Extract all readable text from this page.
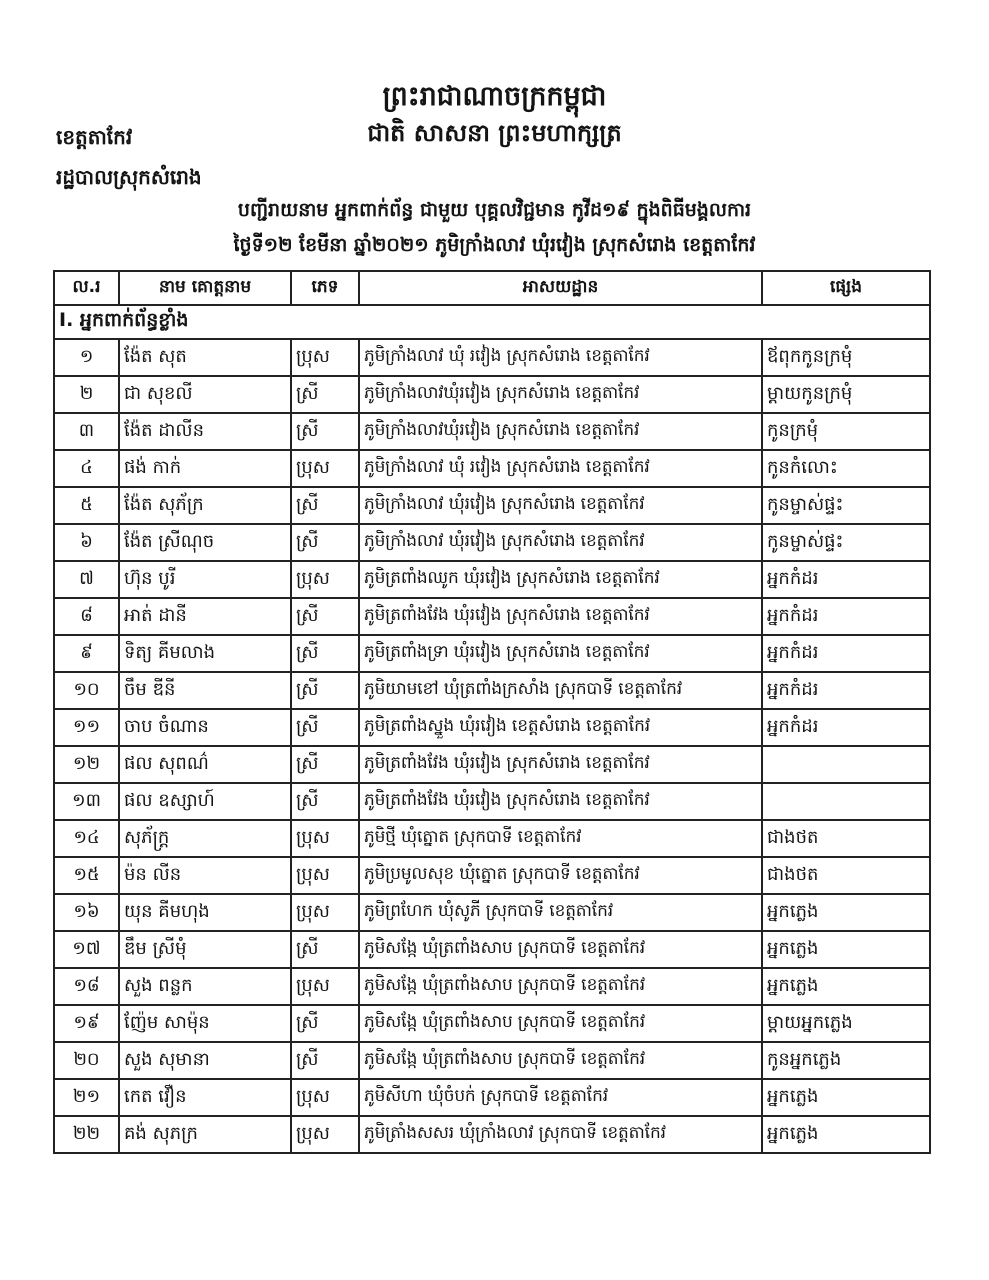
ព្រះរាជាណាចក្រកម្ពុជា
ជាតិ សាសនា ព្រះមហាក្សត្រ
ខេត្តតាកែវ
រដ្ឋបាលស្រុកសំរោង
បញ្ជីរាយនាម អ្នកពាក់ព័ន្ធ ជាមួយ បុគ្គលវិជ្ជមាន កូវីដ១៩ ក្នុងពិធីមង្គលការ
ថ្ងៃទី១២ ខែមីនា ឆ្នាំ២០២១ ភូមិក្រាំងលាវ ឃុំរវៀង ស្រុកសំរោង ខេត្តតាកែវ
ល.រ	នាម គោត្តនាម	ភេទ	អាសយដ្ឋាន	ផ្សេង
I. អ្នកពាក់ព័ន្ធខ្លាំង				
១	ង៉ែត សុត	ប្រុស	ភូមិក្រាំងលាវ ឃុំ រវៀង ស្រុកសំរោង ខេត្តតាកែវ	ឪពុកកូនក្រមុំ
២	ជា សុខលី	ស្រី	ភូមិក្រាំងលាវឃុំរវៀង ស្រុកសំរោង ខេត្តតាកែវ	ម្តាយកូនក្រមុំ
៣	ង៉ែត ដាលីន	ស្រី	ភូមិក្រាំងលាវឃុំរវៀង ស្រុកសំរោង ខេត្តតាកែវ	កូនក្រមុំ
៤	ផង់ កាក់	ប្រុស	ភូមិក្រាំងលាវ ឃុំ រវៀង ស្រុកសំរោង ខេត្តតាកែវ	កូនកំលោះ
៥	ង៉ែត សុភ័ក្រ	ស្រី	ភូមិក្រាំងលាវ ឃុំរវៀង ស្រុកសំរោង ខេត្តតាកែវ	កូនម្ចាស់ផ្ទះ
៦	ង៉ែត ស្រីណុច	ស្រី	ភូមិក្រាំងលាវ ឃុំរវៀង ស្រុកសំរោង ខេត្តតាកែវ	កូនម្ចាស់ផ្ទះ
៧	ហ៊ុន បូរី	ប្រុស	ភូមិត្រពាំងឈូក ឃុំរវៀង ស្រុកសំរោង ខេត្តតាកែវ	អ្នកកំដរ
៨	អាត់ ដានី	ស្រី	ភូមិត្រពាំងវែង ឃុំរវៀង ស្រុកសំរោង ខេត្តតាកែវ	អ្នកកំដរ
៩	ទិត្យ គីមលាង	ស្រី	ភូមិត្រពាំងទ្រា ឃុំរវៀង ស្រុកសំរោង ខេត្តតាកែវ	អ្នកកំដរ
១០	ចឹម ឌីនី	ស្រី	ភូមិយាមខៅ ឃុំត្រពាំងក្រសាំង ស្រុកបាទី ខេត្តតាកែវ	អ្នកកំដរ
១១	ចាប ចំណាន	ស្រី	ភូមិត្រពាំងស្នួង ឃុំរវៀង ខេត្តសំរោង ខេត្តតាកែវ	អ្នកកំដរ
១២	ផល សុពណ៌	ស្រី	ភូមិត្រពាំងវែង ឃុំរវៀង ស្រុកសំរោង ខេត្តតាកែវ	
១៣	ផល ឧស្សាហ៍	ស្រី	ភូមិត្រពាំងវែង ឃុំរវៀង ស្រុកសំរោង ខេត្តតាកែវ	
១៤	សុភ័ក្ត្រ	ប្រុស	ភូមិថ្មី ឃុំត្នោត ស្រុកបាទី ខេត្តតាកែវ	ជាងថត
១៥	ម៉ន លីន	ប្រុស	ភូមិប្រមូលសុខ ឃុំត្នោត ស្រុកបាទី ខេត្តតាកែវ	ជាងថត
១៦	យុន គីមហុង	ប្រុស	ភូមិព្រហែក ឃុំសូភី ស្រុកបាទី ខេត្តតាកែវ	អ្នកភ្លេង
១៧	ឌឹម ស្រីមុំ	ស្រី	ភូមិសង្កែ ឃុំត្រពាំងសាប ស្រុកបាទី ខេត្តតាកែវ	អ្នកភ្លេង
១៨	សួង ពន្លក	ប្រុស	ភូមិសង្កែ ឃុំត្រពាំងសាប ស្រុកបាទី ខេត្តតាកែវ	អ្នកភ្លេង
១៩	ញ៉ែម សាម៉ុន	ស្រី	ភូមិសង្កែ ឃុំត្រពាំងសាប ស្រុកបាទី ខេត្តតាកែវ	ម្តាយអ្នកភ្លេង
២០	សួង សុមានា	ស្រី	ភូមិសង្កែ ឃុំត្រពាំងសាប ស្រុកបាទី ខេត្តតាកែវ	កូនអ្នកភ្លេង
២១	កេត វឿន	ប្រុស	ភូមិសីហា ឃុំចំបក់ ស្រុកបាទី ខេត្តតាកែវ	អ្នកភ្លេង
២២	គង់ សុភក្រ	ប្រុស	ភូមិត្រាំងសសរ ឃុំក្រាំងលាវ ស្រុកបាទី ខេត្តតាកែវ	អ្នកភ្លេង
